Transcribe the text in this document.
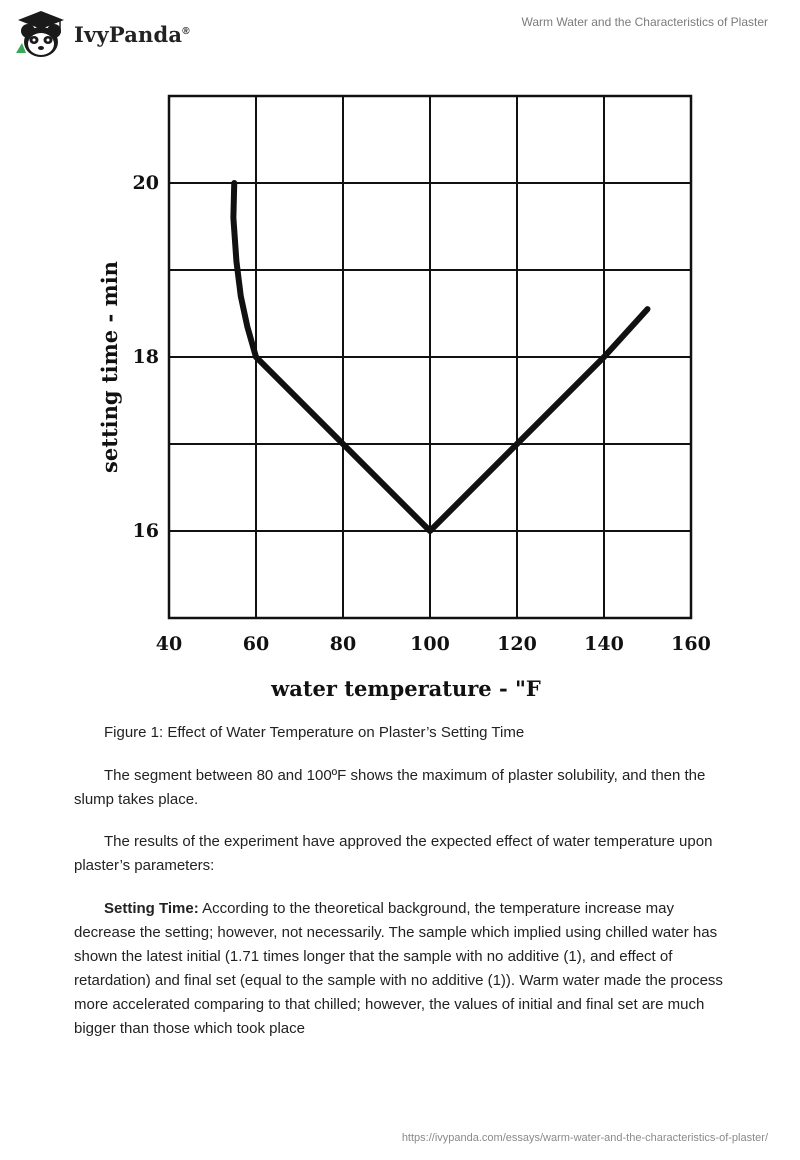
IvyPanda®
Warm Water and the Characteristics of Plaster
40	60	80	100 120 140 160
16
18
20
water temperature - "F
setting time - min
Figure 1: Effect of Water Temperature on Plaster’s Setting Time

The segment between 80 and 100ºF shows the maximum of plaster solubility, and then the slump takes place.

The results of the experiment have approved the expected effect of water temperature upon plaster’s parameters:

Setting Time: According to the theoretical background, the temperature increase may decrease the setting; however, not necessarily. The sample which implied using chilled water has shown the latest initial (1.71 times longer that the sample with no additive (1), and effect of retardation) and final set (equal to the sample with no additive (1)). Warm water made the process more accelerated comparing to that chilled; however, the values of initial and final set are much bigger than those which took place

https://ivypanda.com/essays/warm-water-and-the-characteristics-of-plaster/
